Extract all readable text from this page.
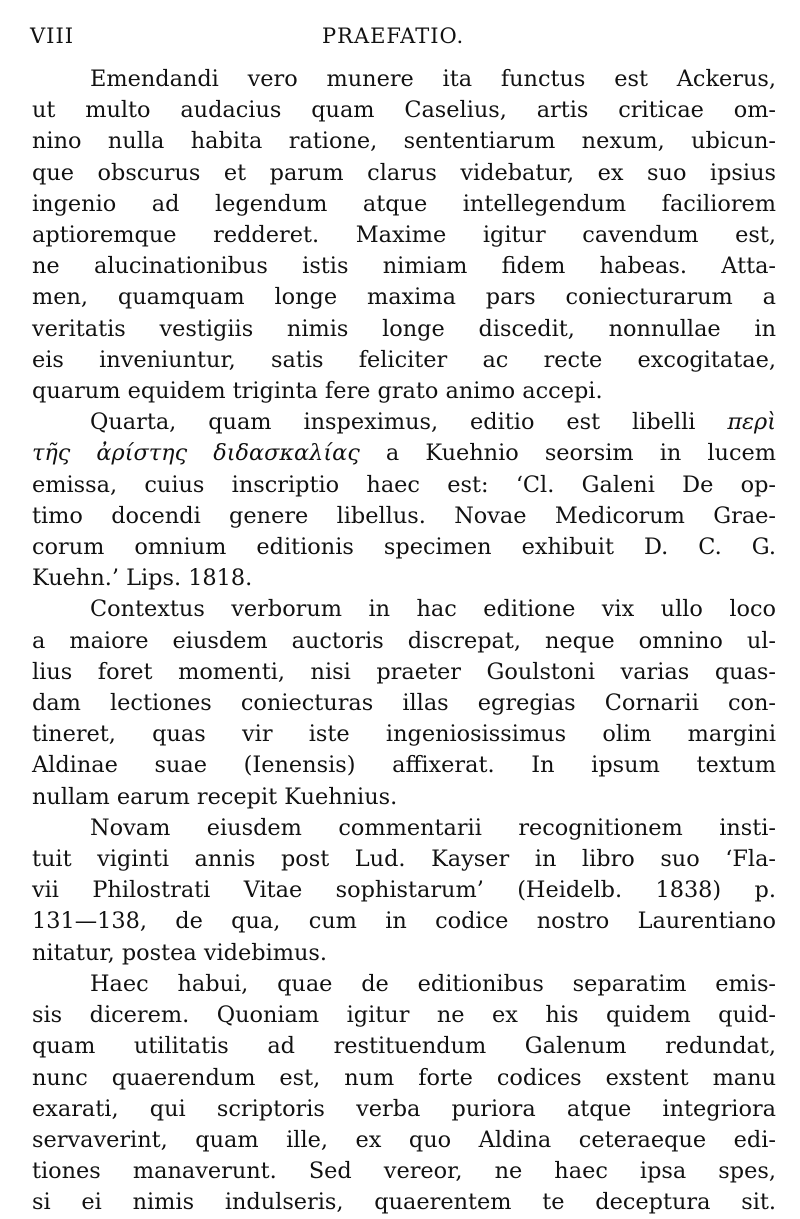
VIII	PRAEFATIO.

Emendandi vero munere ita functus est Ackerus,
ut multo audacius quam Caselius, artis criticae om-
nino nulla habita ratione, sententiarum nexum, ubicun-
que obscurus et parum clarus videbatur, ex suo ipsius
ingenio ad legendum atque intellegendum faciliorem
aptioremque redderet. Maxime igitur cavendum est,
ne alucinationibus istis nimiam fidem habeas. Atta-
men, quamquam longe maxima pars coniecturarum a
veritatis vestigiis nimis longe discedit, nonnullae in
eis inveniuntur, satis feliciter ac recte excogitatae,
quarum equidem triginta fere grato animo accepi.

Quarta, quam inspeximus, editio est libelli περὶ
τῆς ἀρίστης διδασκαλίας a Kuehnio seorsim in lucem
emissa, cuius inscriptio haec est: ‘Cl. Galeni De op-
timo docendi genere libellus. Novae Medicorum Grae-
corum omnium editionis specimen exhibuit D. C. G.
Kuehn.’ Lips. 1818.

Contextus verborum in hac editione vix ullo loco
a maiore eiusdem auctoris discrepat, neque omnino ul-
lius foret momenti, nisi praeter Goulstoni varias quas-
dam lectiones coniecturas illas egregias Cornarii con-
tineret, quas vir iste ingeniosissimus olim margini
Aldinae suae (Ienensis) affixerat. In ipsum textum
nullam earum recepit Kuehnius.

Novam eiusdem commentarii recognitionem insti-
tuit viginti annis post Lud. Kayser in libro suo ‘Fla-
vii Philostrati Vitae sophistarum’ (Heidelb. 1838) p.
131—138, de qua, cum in codice nostro Laurentiano
nitatur, postea videbimus.

Haec habui, quae de editionibus separatim emis-
sis dicerem. Quoniam igitur ne ex his quidem quid-
quam utilitatis ad restituendum Galenum redundat,
nunc quaerendum est, num forte codices exstent manu
exarati, qui scriptoris verba puriora atque integriora
servaverint, quam ille, ex quo Aldina ceteraeque edi-
tiones manaverunt. Sed vereor, ne haec ipsa spes,
si ei nimis indulseris, quaerentem te deceptura sit.
